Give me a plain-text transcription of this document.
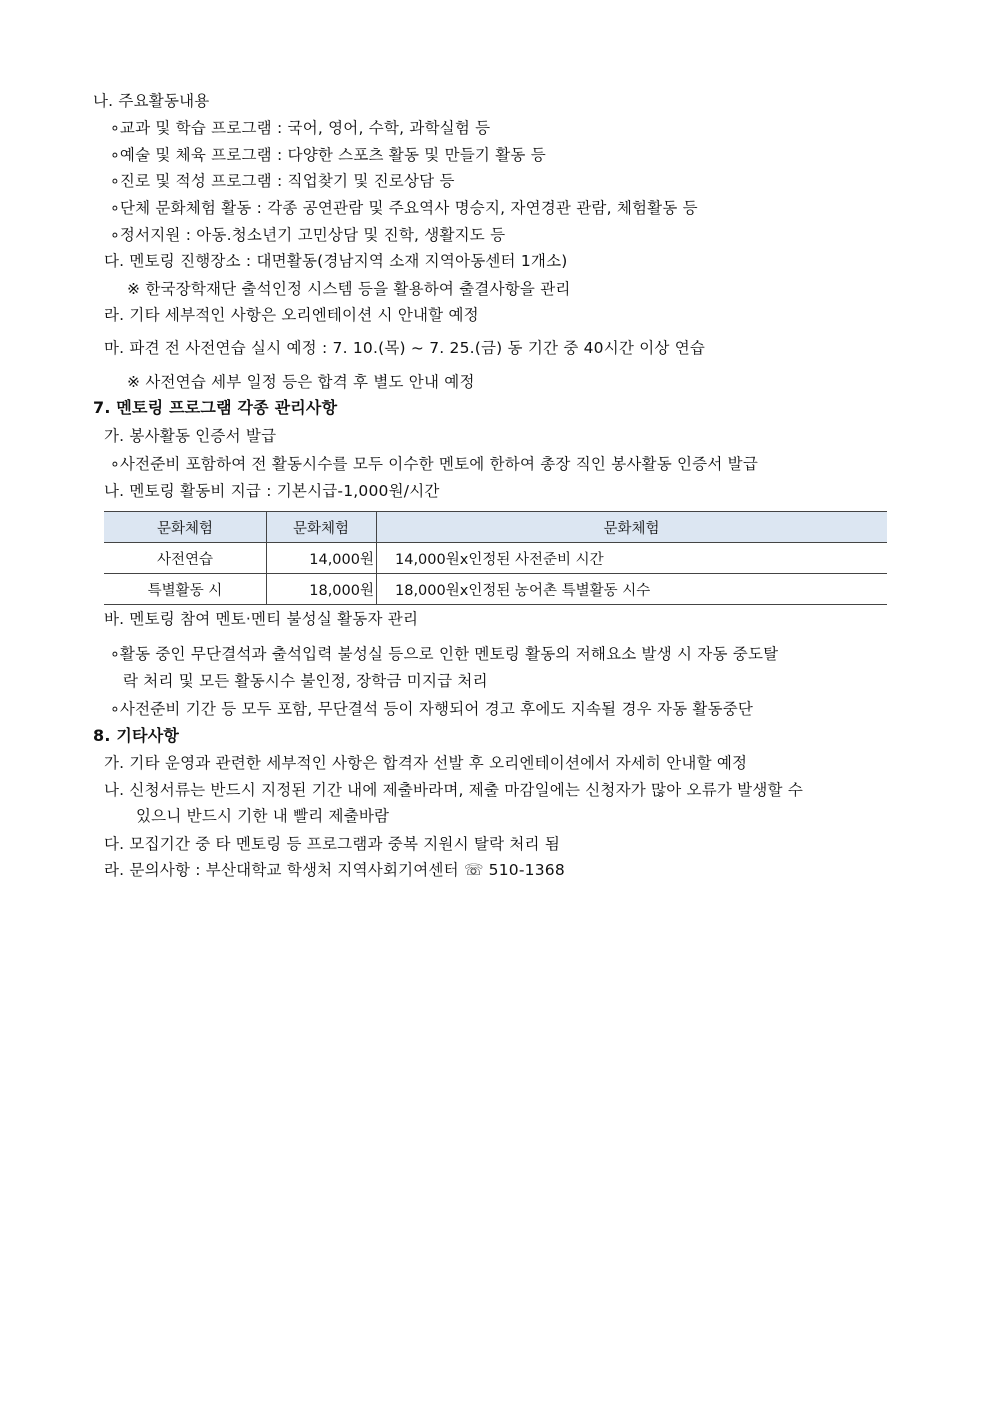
나. 주요활동내용
∘교과 및 학습 프로그램 : 국어, 영어, 수학, 과학실험 등
∘예술 및 체육 프로그램 : 다양한 스포츠 활동 및 만들기 활동 등
∘진로 및 적성 프로그램 : 직업찾기 및 진로상담 등
∘단체 문화체험 활동 : 각종 공연관람 및 주요역사 명승지, 자연경관 관람, 체험활동 등
∘정서지원 : 아동.청소년기 고민상담 및 진학, 생활지도 등
다. 멘토링 진행장소 : 대면활동(경남지역 소재 지역아동센터 1개소)
※ 한국장학재단 출석인정 시스템 등을 활용하여 출결사항을 관리
라. 기타 세부적인 사항은 오리엔테이션 시 안내할 예정
마. 파견 전 사전연습 실시 예정 : 7. 10.(목) ~ 7. 25.(금) 동 기간 중 40시간 이상 연습
※ 사전연습 세부 일정 등은 합격 후 별도 안내 예정
7. 멘토링 프로그램 각종 관리사항
가. 봉사활동 인증서 발급
∘사전준비 포함하여 전 활동시수를 모두 이수한 멘토에 한하여 총장 직인 봉사활동 인증서 발급
나. 멘토링 활동비 지급 : 기본시급-1,000원/시간
문화체험	문화체험	문화체험
사전연습	14,000원	14,000원x인정된 사전준비 시간
특별활동 시	18,000원	18,000원x인정된 농어촌 특별활동 시수
바. 멘토링 참여 멘토·멘티 불성실 활동자 관리
∘활동 중인 무단결석과 출석입력 불성실 등으로 인한 멘토링 활동의 저해요소 발생 시 자동 중도탈
락 처리 및 모든 활동시수 불인정, 장학금 미지급 처리
∘사전준비 기간 등 모두 포함, 무단결석 등이 자행되어 경고 후에도 지속될 경우 자동 활동중단
8. 기타사항
가. 기타 운영과 관련한 세부적인 사항은 합격자 선발 후 오리엔테이션에서 자세히 안내할 예정
나. 신청서류는 반드시 지정된 기간 내에 제출바라며, 제출 마감일에는 신청자가 많아 오류가 발생할 수
있으니 반드시 기한 내 빨리 제출바람
다. 모집기간 중 타 멘토링 등 프로그램과 중복 지원시 탈락 처리 됨
라. 문의사항 : 부산대학교 학생처 지역사회기여센터 ☏ 510-1368
